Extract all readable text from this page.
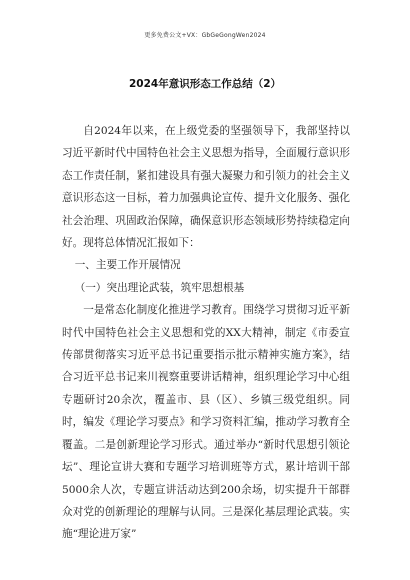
更多免费公文+VX：GbGeGongWen2024
2024年意识形态工作总结（2）

自2024年以来，在上级党委的坚强领导下，我部坚持以习近平新时代中国特色社会主义思想为指导，全面履行意识形态工作责任制，紧扣建设具有强大凝聚力和引领力的社会主义意识形态这一目标，着力加强典论宣传、提升文化服务、强化社会治理、巩固政治保障，确保意识形态领域形势持续稳定向好。现将总体情况汇报如下：

一、主要工作开展情况

（一）突出理论武装，筑牢思想根基

一是常态化制度化推进学习教育。围绕学习贯彻习近平新时代中国特色社会主义思想和党的XX大精神，制定《市委宣传部贯彻落实习近平总书记重要指示批示精神实施方案》，结合习近平总书记来川视察重要讲话精神，组织理论学习中心组专题研讨20余次，覆盖市、县（区）、乡镇三级党组织。同时，编发《理论学习要点》和学习资料汇编，推动学习教育全覆盖。二是创新理论学习形式。通过举办“新时代思想引领论坛”、理论宣讲大赛和专题学习培训班等方式，累计培训干部5000余人次，专题宣讲活动达到200余场，切实提升干部群众对党的创新理论的理解与认同。三是深化基层理论武装。实施“理论进万家”
